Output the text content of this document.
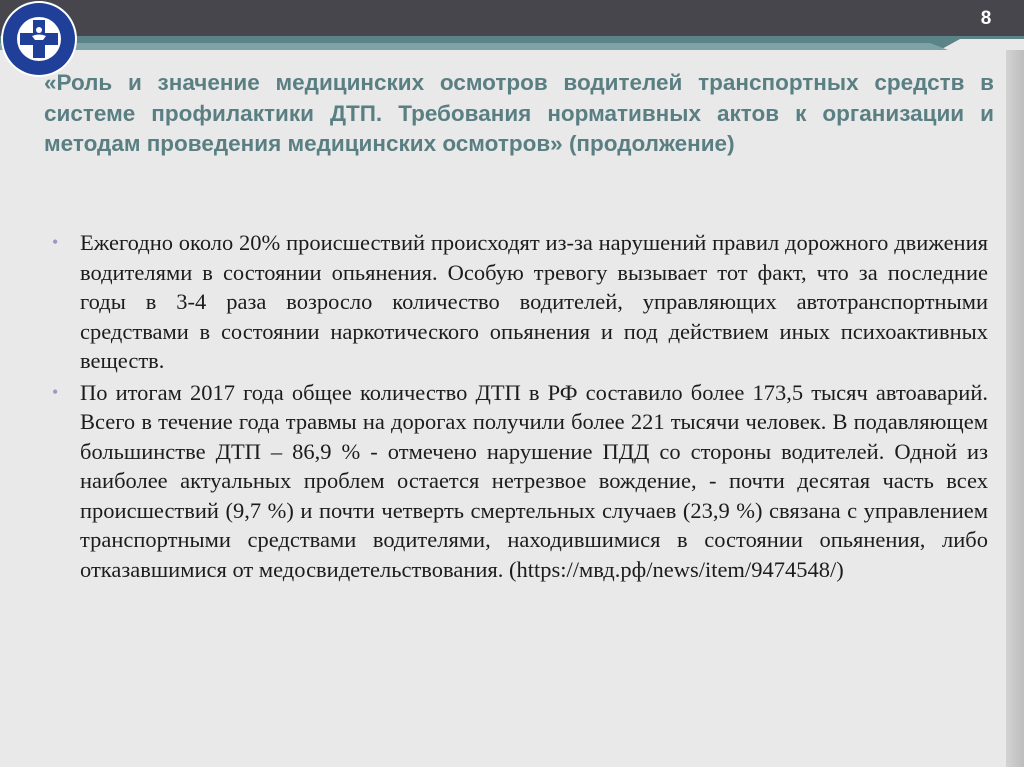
8

«Роль и значение медицинских осмотров водителей транспортных средств в системе профилактики ДТП. Требования нормативных актов к организации и методам проведения медицинских осмотров» (продолжение)

• Ежегодно около 20% происшествий происходят из-за нарушений правил дорожного движения водителями в состоянии опьянения. Особую тревогу вызывает тот факт, что за последние годы в 3-4 раза возросло количество водителей, управляющих автотранспортными средствами в состоянии наркотического опьянения и под действием иных психоактивных веществ.
• По итогам 2017 года общее количество ДТП в РФ составило более 173,5 тысяч автоаварий. Всего в течение года травмы на дорогах получили более 221 тысячи человек. В подавляющем большинстве ДТП – 86,9 % - отмечено нарушение ПДД со стороны водителей. Одной из наиболее актуальных проблем остается нетрезвое вождение, - почти десятая часть всех происшествий (9,7 %) и почти четверть смертельных случаев (23,9 %) связана с управлением транспортными средствами водителями, находившимися в состоянии опьянения, либо отказавшимися от медосвидетельствования. (https://мвд.рф/news/item/9474548/)
